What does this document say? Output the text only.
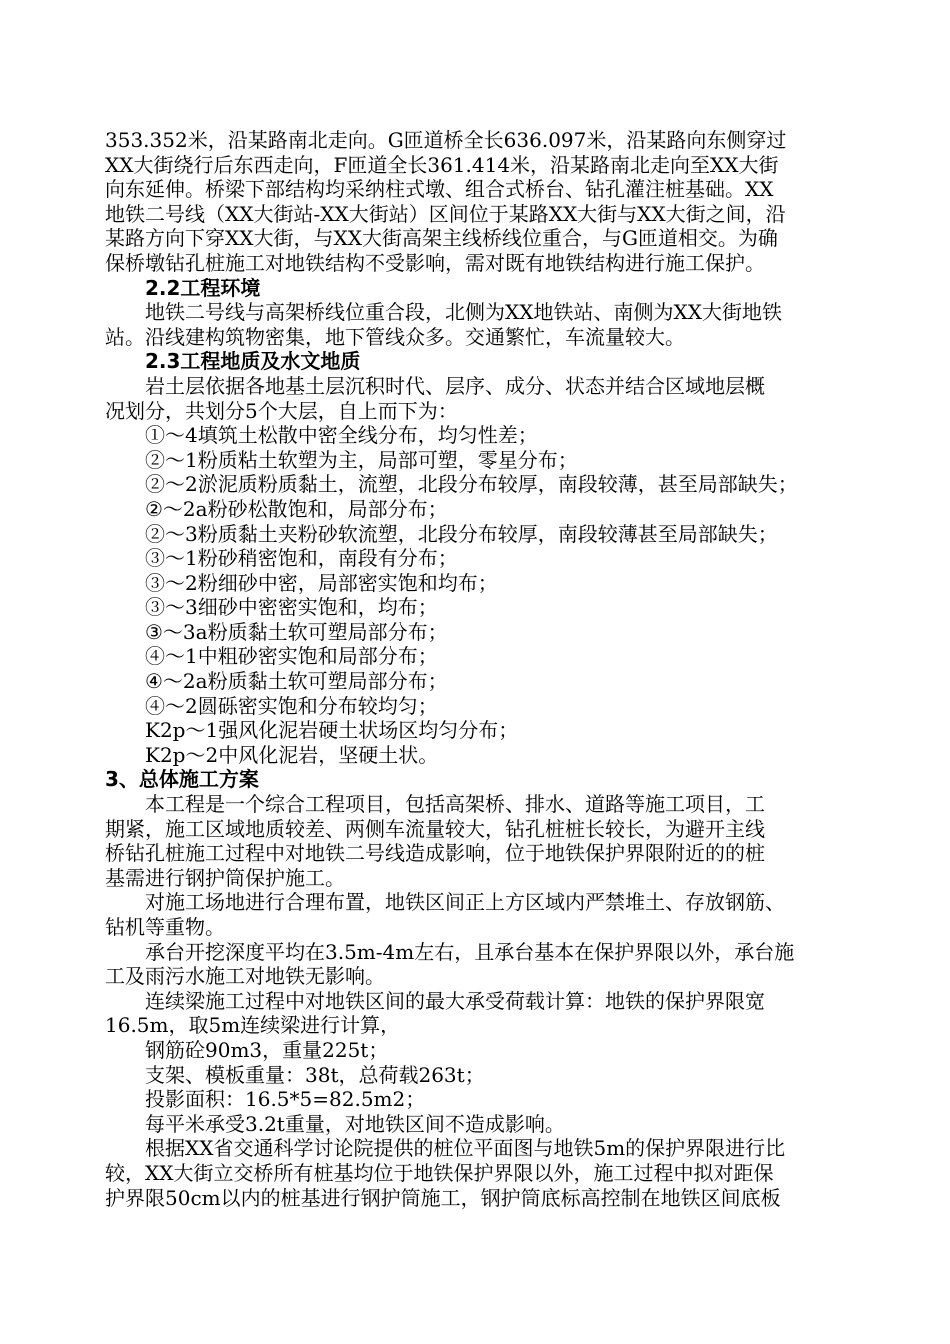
353.352米，沿某路南北走向。G匝道桥全长636.097米，沿某路向东侧穿过
XX大街绕行后东西走向，F匝道全长361.414米，沿某路南北走向至XX大街
向东延伸。桥梁下部结构均采纳柱式墩、组合式桥台、钻孔灌注桩基础。XX
地铁二号线（XX大街站-XX大街站）区间位于某路XX大街与XX大街之间，沿
某路方向下穿XX大街，与XX大街高架主线桥线位重合，与G匝道相交。为确
保桥墩钻孔桩施工对地铁结构不受影响，需对既有地铁结构进行施工保护。
2.2工程环境
地铁二号线与高架桥线位重合段，北侧为XX地铁站、南侧为XX大街地铁
站。沿线建构筑物密集，地下管线众多。交通繁忙，车流量较大。
2.3工程地质及水文地质
岩土层依据各地基土层沉积时代、层序、成分、状态并结合区域地层概
况划分，共划分5个大层，自上而下为：
①～4填筑土松散中密全线分布，均匀性差；
②～1粉质粘土软塑为主，局部可塑，零星分布；
②～2淤泥质粉质黏土，流塑，北段分布较厚，南段较薄，甚至局部缺失；
②～2a粉砂松散饱和，局部分布；
②～3粉质黏土夹粉砂软流塑，北段分布较厚，南段较薄甚至局部缺失；
③～1粉砂稍密饱和，南段有分布；
③～2粉细砂中密，局部密实饱和均布；
③～3细砂中密密实饱和，均布；
③～3a粉质黏土软可塑局部分布；
④～1中粗砂密实饱和局部分布；
④～2a粉质黏土软可塑局部分布；
④～2圆砾密实饱和分布较均匀；
K2p～1强风化泥岩硬土状场区均匀分布；
K2p～2中风化泥岩，坚硬土状。
3、总体施工方案
本工程是一个综合工程项目，包括高架桥、排水、道路等施工项目，工
期紧，施工区域地质较差、两侧车流量较大，钻孔桩桩长较长，为避开主线
桥钻孔桩施工过程中对地铁二号线造成影响，位于地铁保护界限附近的的桩
基需进行钢护筒保护施工。
对施工场地进行合理布置，地铁区间正上方区域内严禁堆土、存放钢筋、
钻机等重物。
承台开挖深度平均在3.5m-4m左右，且承台基本在保护界限以外，承台施
工及雨污水施工对地铁无影响。
连续梁施工过程中对地铁区间的最大承受荷载计算：地铁的保护界限宽
16.5m，取5m连续梁进行计算，
钢筋砼90m3，重量225t；
支架、模板重量：38t，总荷载263t；
投影面积：16.5*5=82.5m2；
每平米承受3.2t重量，对地铁区间不造成影响。
根据XX省交通科学讨论院提供的桩位平面图与地铁5m的保护界限进行比
较，XX大街立交桥所有桩基均位于地铁保护界限以外，施工过程中拟对距保
护界限50cm以内的桩基进行钢护筒施工，钢护筒底标高控制在地铁区间底板
